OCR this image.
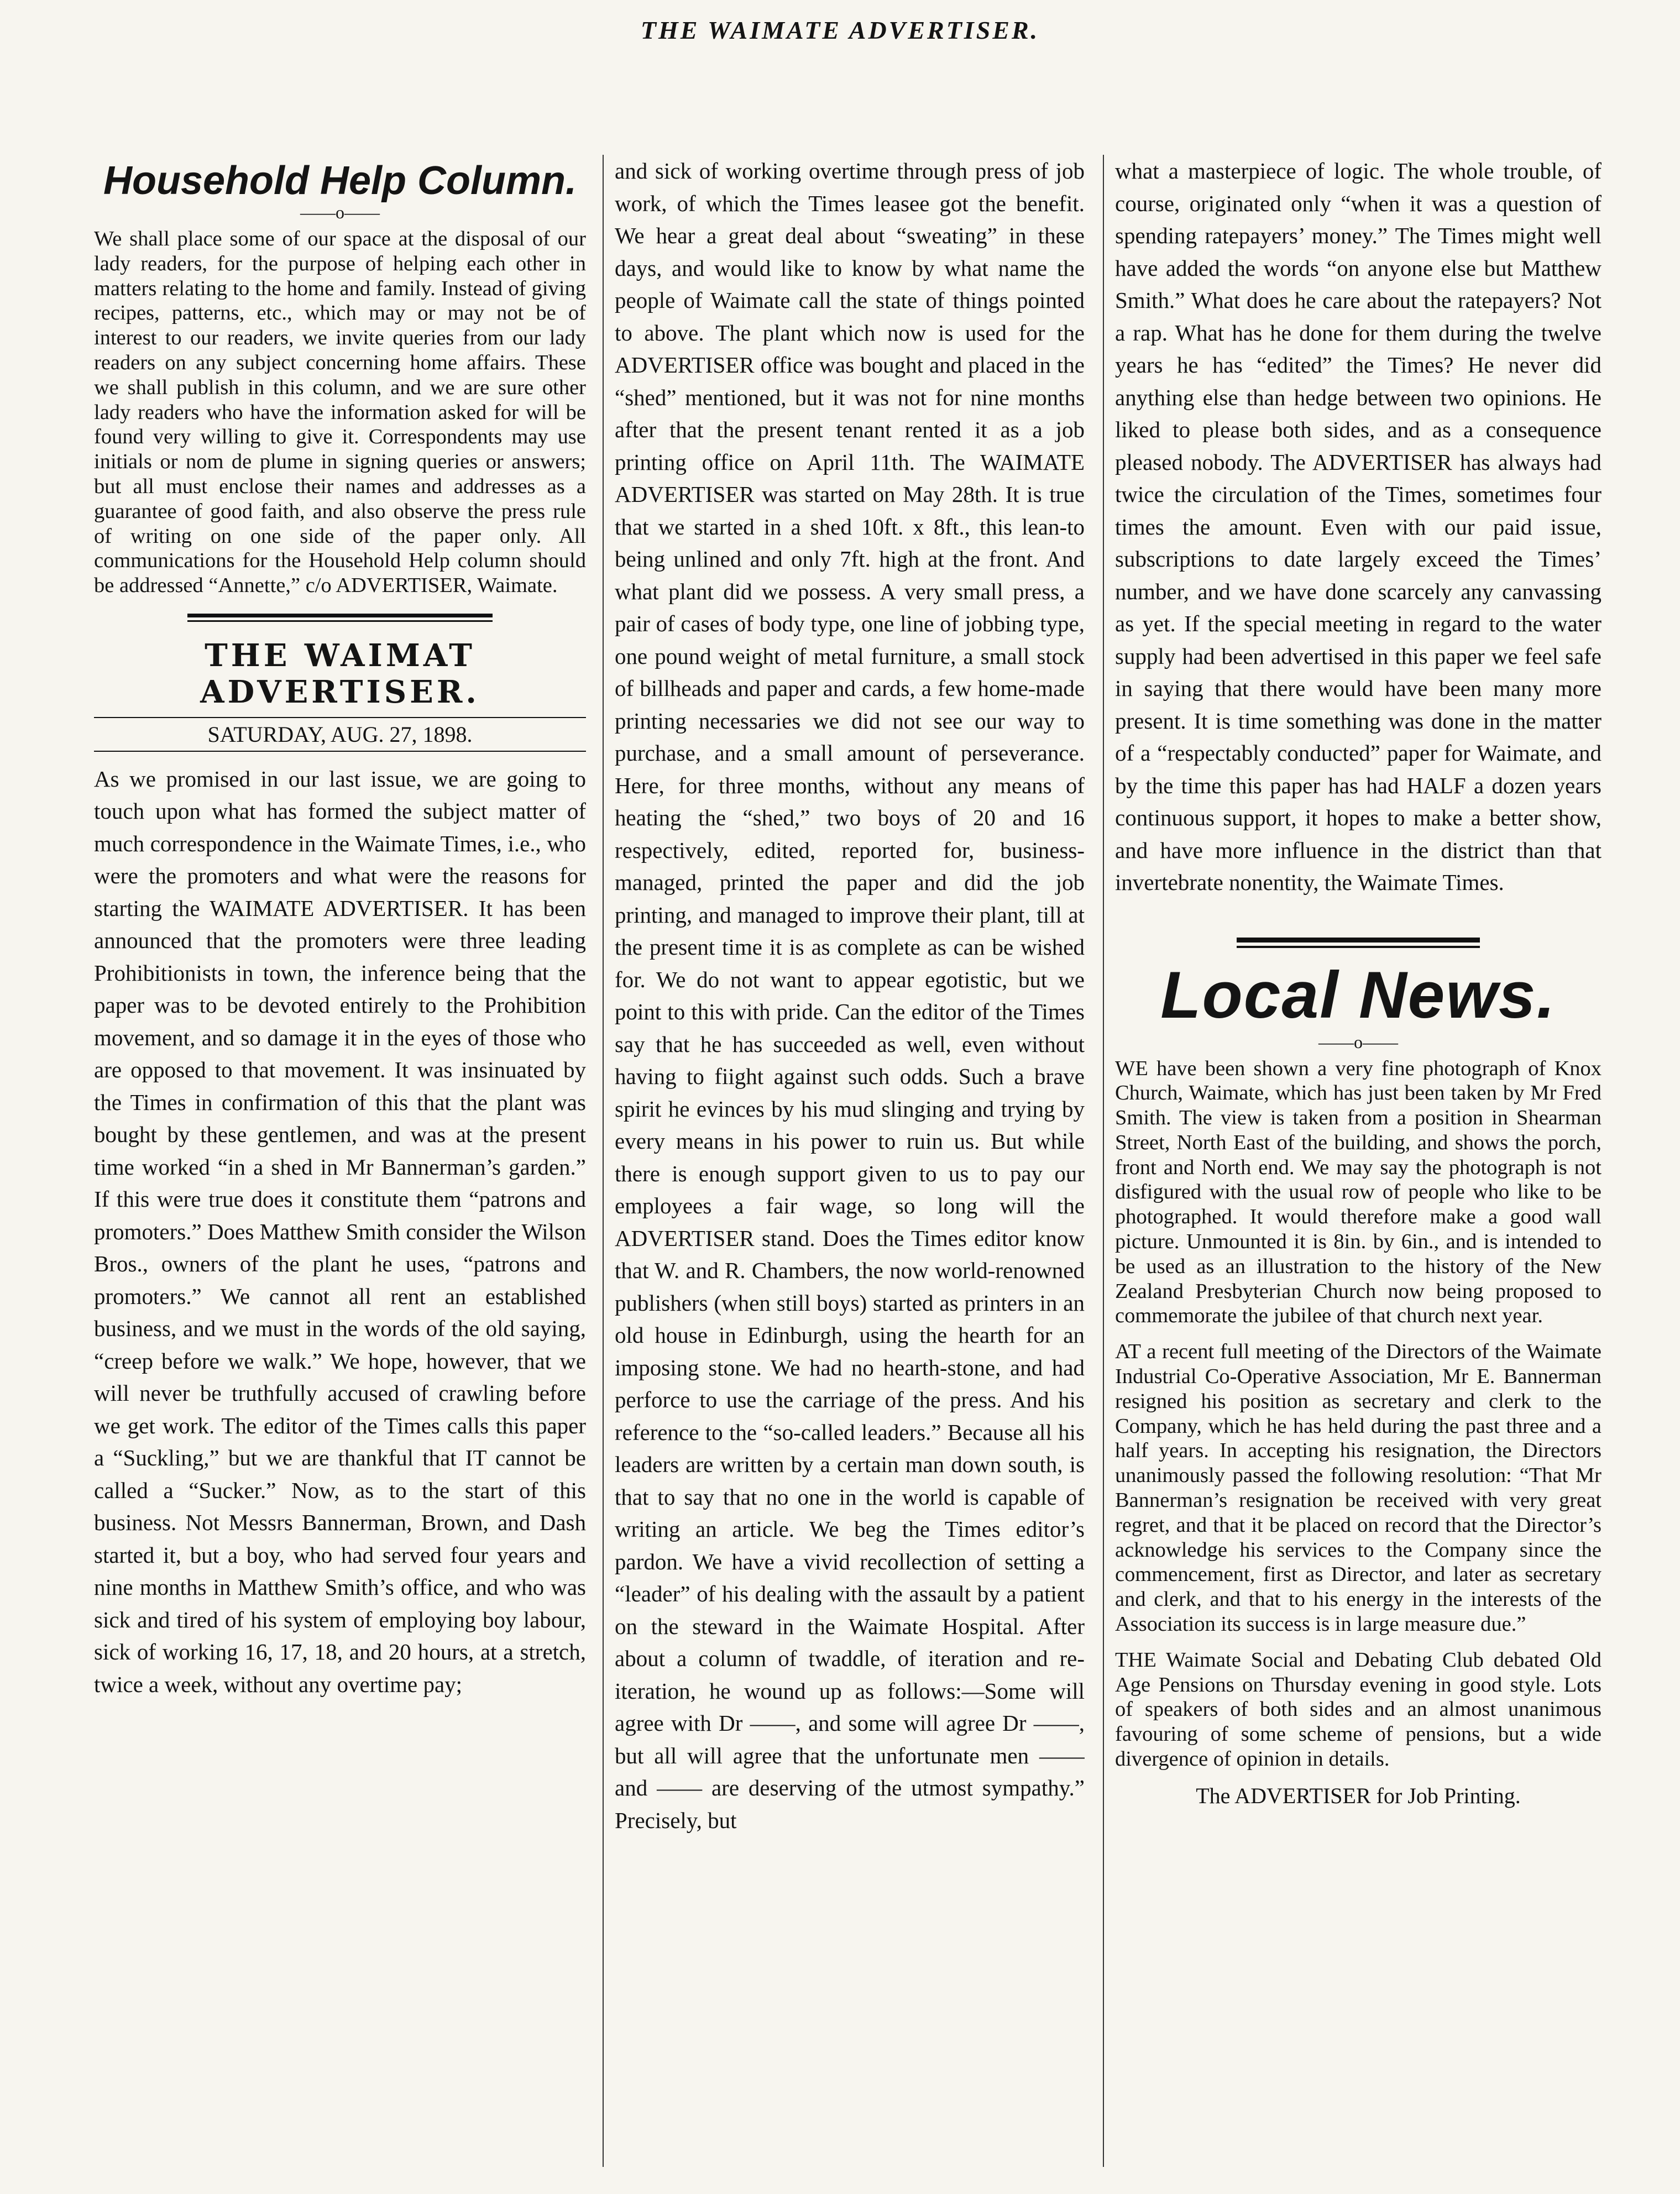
THE WAIMATE ADVERTISER.
Household Help Column.
——o——

We shall place some of our space at the disposal of our lady readers, for the purpose of helping each other in matters relating to the home and family. Instead of giving recipes, patterns, etc., which may or may not be of interest to our readers, we invite queries from our lady readers on any subject concerning home affairs. These we shall publish in this column, and we are sure other lady readers who have the information asked for will be found very willing to give it. Correspondents may use initials or nom de plume in signing queries or answers; but all must enclose their names and addresses as a guarantee of good faith, and also observe the press rule of writing on one side of the paper only. All communications for the Household Help column should be addressed “Annette,” c/o ADVERTISER, Waimate.

THE WAIMAT ADVERTISER.
SATURDAY, AUG. 27, 1898.

As we promised in our last issue, we are going to touch upon what has formed the subject matter of much correspondence in the Waimate Times, i.e., who were the promoters and what were the reasons for starting the WAIMATE ADVERTISER. It has been announced that the promoters were three leading Prohibitionists in town, the inference being that the paper was to be devoted entirely to the Prohibition movement, and so damage it in the eyes of those who are opposed to that movement. It was insinuated by the Times in confirmation of this that the plant was bought by these gentlemen, and was at the present time worked “in a shed in Mr Bannerman’s garden.” If this were true does it constitute them “patrons and promoters.” Does Matthew Smith consider the Wilson Bros., owners of the plant he uses, “patrons and promoters.” We cannot all rent an established business, and we must in the words of the old saying, “creep before we walk.” We hope, however, that we will never be truthfully accused of crawling before we get work. The editor of the Times calls this paper a “Suckling,” but we are thankful that IT cannot be called a “Sucker.” Now, as to the start of this business. Not Messrs Bannerman, Brown, and Dash started it, but a boy, who had served four years and nine months in Matthew Smith’s office, and who was sick and tired of his system of employing boy labour, sick of working 16, 17, 18, and 20 hours, at a stretch, twice a week, without any overtime pay;

and sick of working overtime through press of job work, of which the Times leasee got the benefit. We hear a great deal about “sweating” in these days, and would like to know by what name the people of Waimate call the state of things pointed to above. The plant which now is used for the ADVERTISER office was bought and placed in the “shed” mentioned, but it was not for nine months after that the present tenant rented it as a job printing office on April 11th. The WAIMATE ADVERTISER was started on May 28th. It is true that we started in a shed 10ft. x 8ft., this lean-to being unlined and only 7ft. high at the front. And what plant did we possess. A very small press, a pair of cases of body type, one line of jobbing type, one pound weight of metal furniture, a small stock of billheads and paper and cards, a few home-made printing necessaries we did not see our way to purchase, and a small amount of perseverance. Here, for three months, without any means of heating the “shed,” two boys of 20 and 16 respectively, edited, reported for, business-managed, printed the paper and did the job printing, and managed to improve their plant, till at the present time it is as complete as can be wished for. We do not want to appear egotistic, but we point to this with pride. Can the editor of the Times say that he has succeeded as well, even without having to fiight against such odds. Such a brave spirit he evinces by his mud slinging and trying by every means in his power to ruin us. But while there is enough support given to us to pay our employees a fair wage, so long will the ADVERTISER stand. Does the Times editor know that W. and R. Chambers, the now world-renowned publishers (when still boys) started as printers in an old house in Edinburgh, using the hearth for an imposing stone. We had no hearth-stone, and had perforce to use the carriage of the press. And his reference to the “so-called leaders.” Because all his leaders are written by a certain man down south, is that to say that no one in the world is capable of writing an article. We beg the Times editor’s pardon. We have a vivid recollection of setting a “leader” of his dealing with the assault by a patient on the steward in the Waimate Hospital. After about a column of twaddle, of iteration and re-iteration, he wound up as follows:—Some will agree with Dr ——, and some will agree Dr ——, but all will agree that the unfortunate men —— and —— are deserving of the utmost sympathy.” Precisely, but

what a masterpiece of logic. The whole trouble, of course, originated only “when it was a question of spending ratepayers’ money.” The Times might well have added the words “on anyone else but Matthew Smith.” What does he care about the ratepayers? Not a rap. What has he done for them during the twelve years he has “edited” the Times? He never did anything else than hedge between two opinions. He liked to please both sides, and as a consequence pleased nobody. The ADVERTISER has always had twice the circulation of the Times, sometimes four times the amount. Even with our paid issue, subscriptions to date largely exceed the Times’ number, and we have done scarcely any canvassing as yet. If the special meeting in regard to the water supply had been advertised in this paper we feel safe in saying that there would have been many more present. It is time something was done in the matter of a “respectably conducted” paper for Waimate, and by the time this paper has had HALF a dozen years continuous support, it hopes to make a better show, and have more influence in the district than that invertebrate nonentity, the Waimate Times.

Local News.
——o——

WE have been shown a very fine photograph of Knox Church, Waimate, which has just been taken by Mr Fred Smith. The view is taken from a position in Shearman Street, North East of the building, and shows the porch, front and North end. We may say the photograph is not disfigured with the usual row of people who like to be photographed. It would therefore make a good wall picture. Unmounted it is 8in. by 6in., and is intended to be used as an illustration to the history of the New Zealand Presbyterian Church now being proposed to commemorate the jubilee of that church next year.

AT a recent full meeting of the Directors of the Waimate Industrial Co-Operative Association, Mr E. Bannerman resigned his position as secretary and clerk to the Company, which he has held during the past three and a half years. In accepting his resignation, the Directors unanimously passed the following resolution: “That Mr Bannerman’s resignation be received with very great regret, and that it be placed on record that the Director’s acknowledge his services to the Company since the commencement, first as Director, and later as secretary and clerk, and that to his energy in the interests of the Association its success is in large measure due.”

THE Waimate Social and Debating Club debated Old Age Pensions on Thursday evening in good style. Lots of speakers of both sides and an almost unanimous favouring of some scheme of pensions, but a wide divergence of opinion in details.

The ADVERTISER for Job Printing.
